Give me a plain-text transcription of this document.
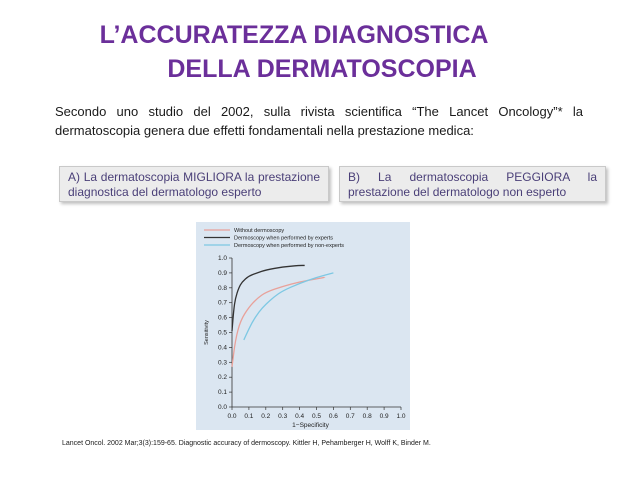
L’ACCURATEZZA DIAGNOSTICA
DELLA DERMATOSCOPIA
Secondo uno studio del 2002, sulla rivista scientifica “The Lancet Oncology”* la dermatoscopia genera due effetti fondamentali nella prestazione medica:
A) La dermatoscopia MIGLIORA la prestazione diagnostica del dermatologo esperto
B) La dermatoscopia PEGGIORA la prestazione del dermatologo non esperto
Without dermoscopy
Dermoscopy when performed by experts
Dermoscopy when performed by non-experts
0.0
0.1
0.2
0.3
0.4
0.5
0.6
0.7
0.8
0.9
1.0
0.0 0.1 0.2 0.3 0.4 0.5 0.6 0.7 0.8 0.9 1.0
1−Specificity
Sensitivity
Lancet Oncol. 2002 Mar;3(3):159-65. Diagnostic accuracy of dermoscopy. Kittler H, Pehamberger H, Wolff K, Binder M.
